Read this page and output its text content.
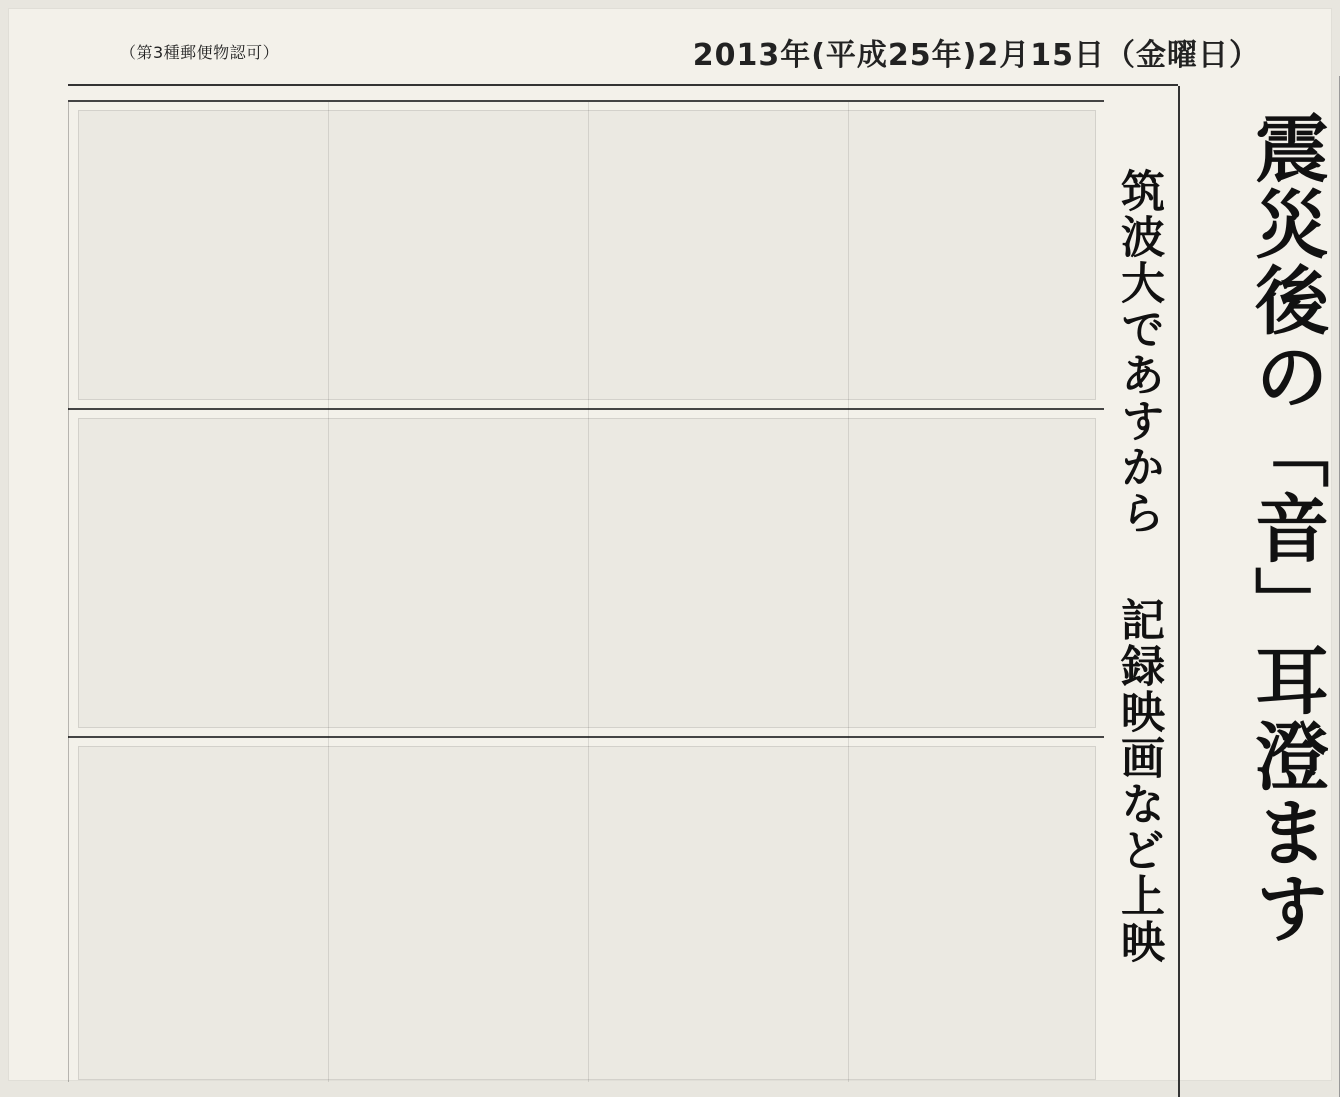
（第3種郵便物認可）	2013年(平成25年)2月15日（金曜日）
震災後の「音」耳澄ます
筑波大であすから  記録映画など上映
